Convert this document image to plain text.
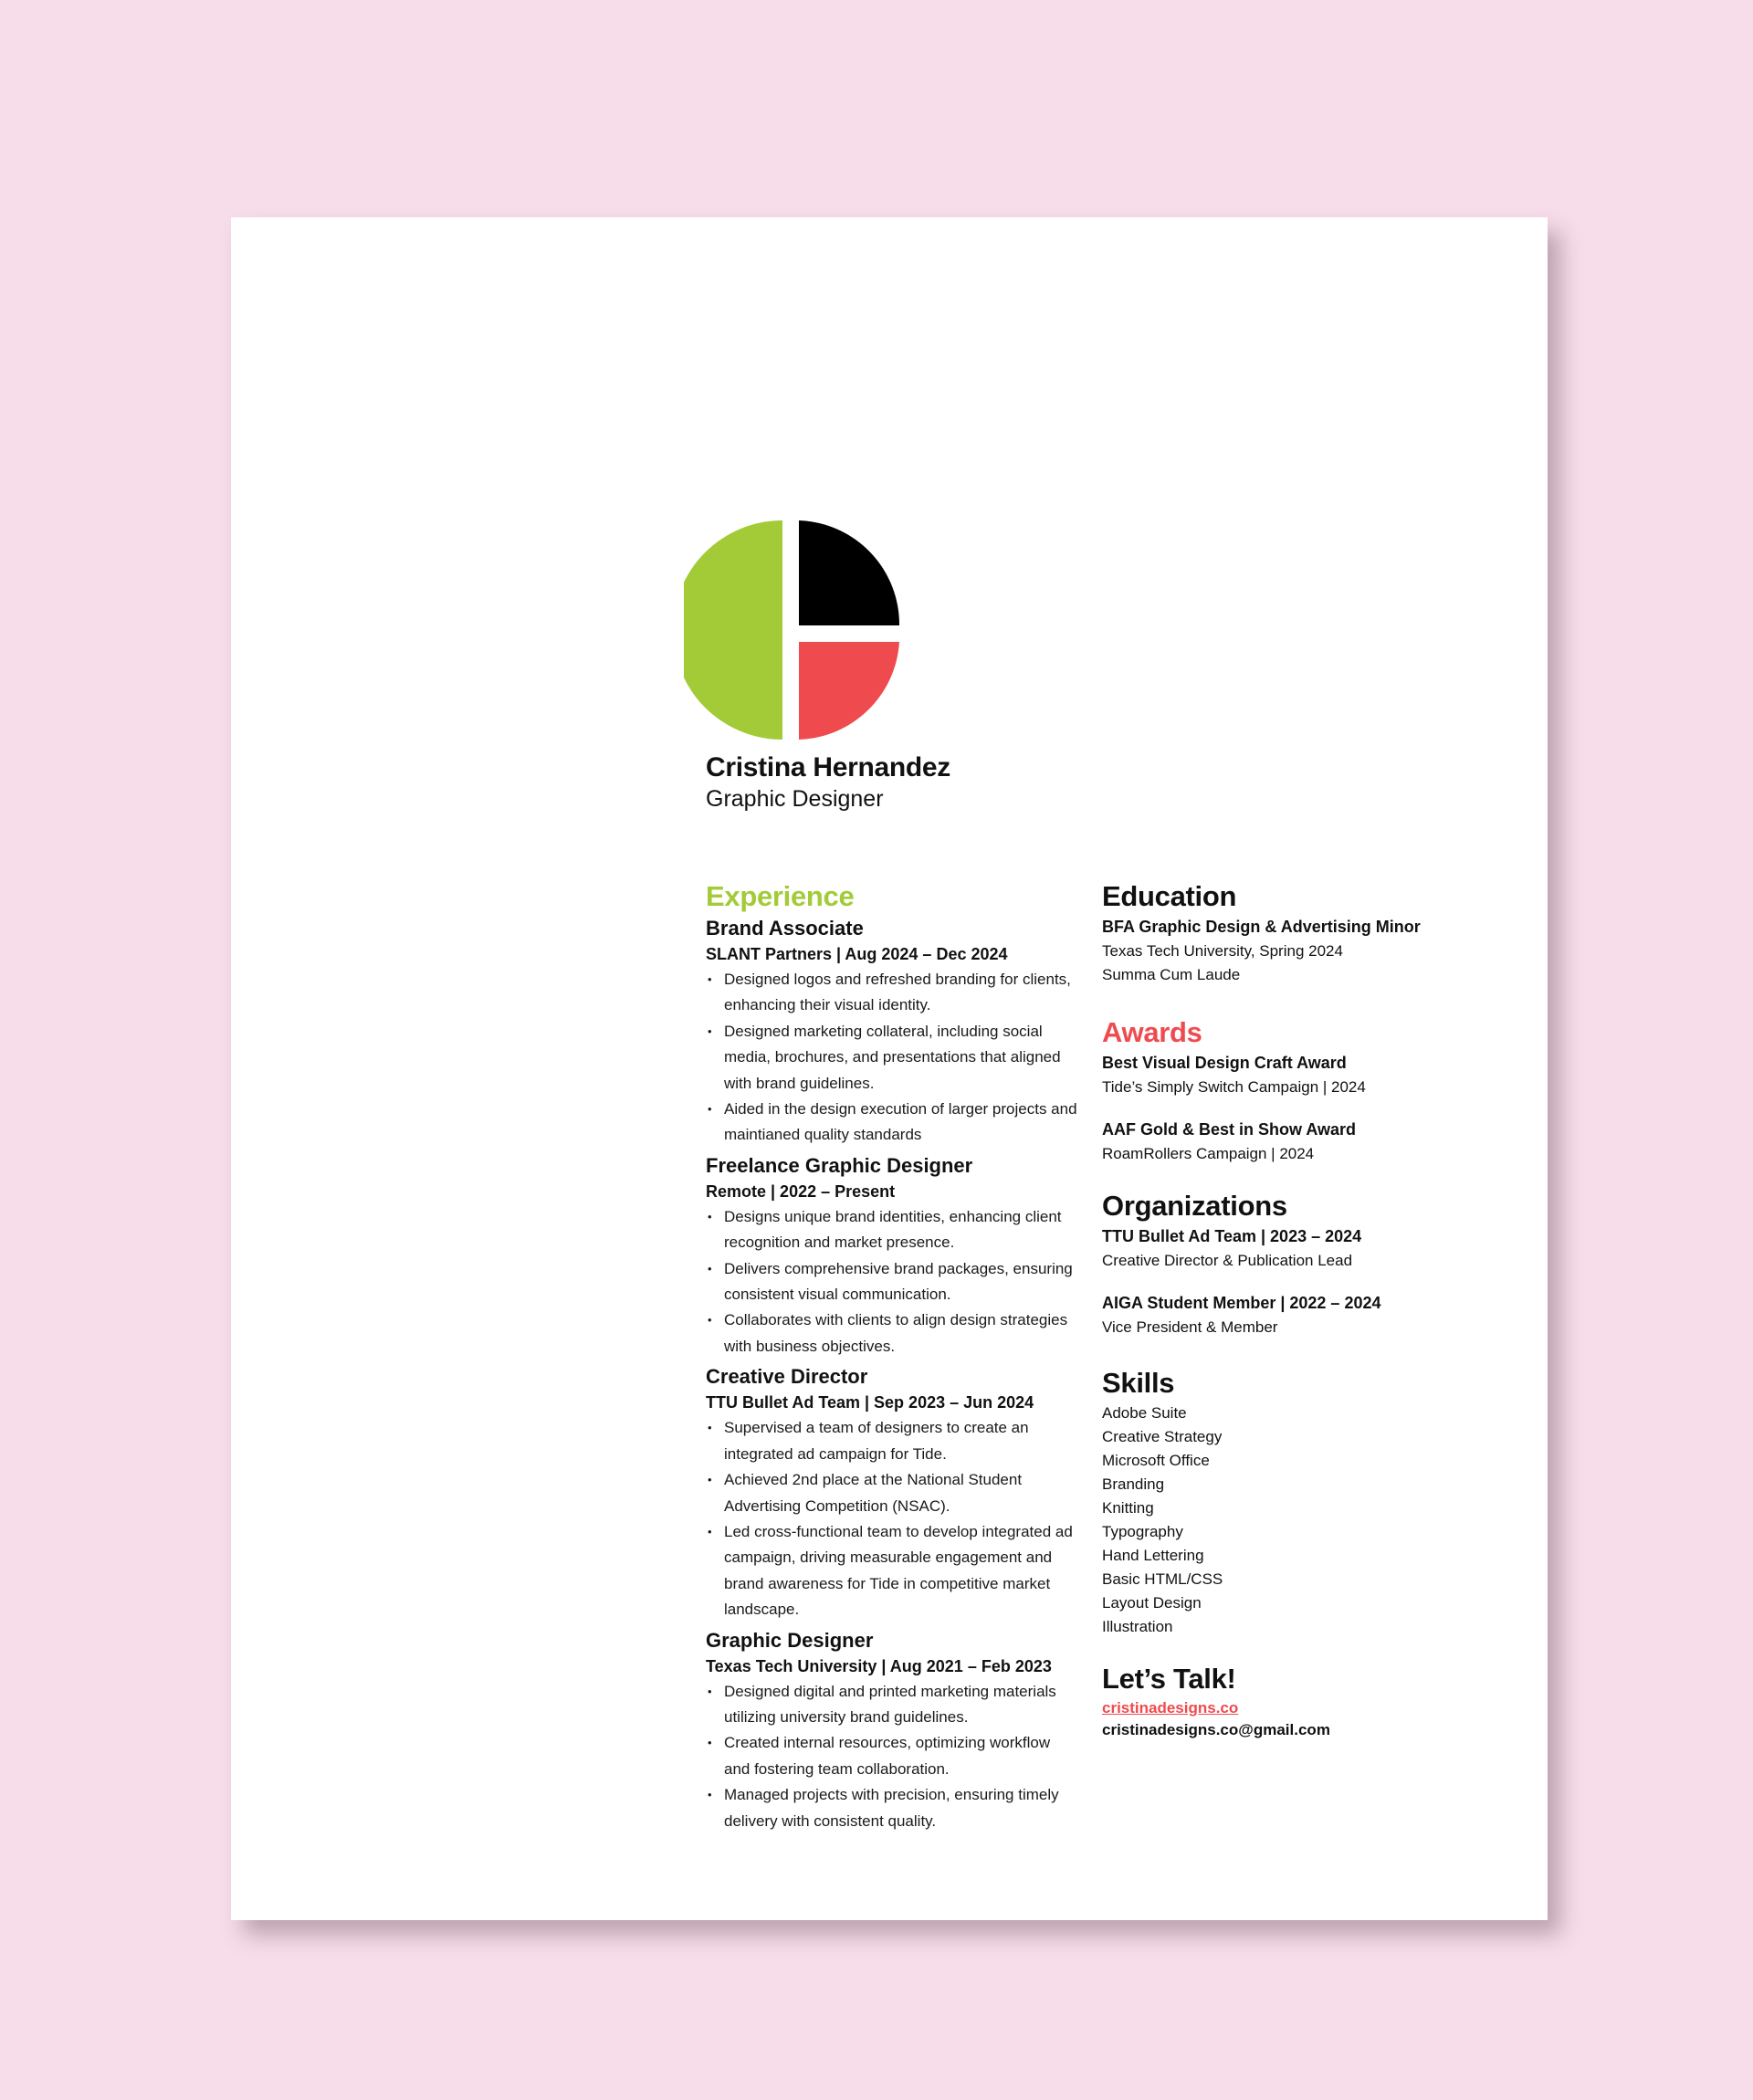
Cristina Hernandez
Graphic Designer
Experience
Brand Associate
SLANT Partners | Aug 2024 – Dec 2024
• Designed logos and refreshed branding for clients, enhancing their visual identity.
• Designed marketing collateral, including social media, brochures, and presentations that aligned with brand guidelines.
• Aided in the design execution of larger projects and maintianed quality standards
Freelance Graphic Designer
Remote | 2022 – Present
• Designs unique brand identities, enhancing client recognition and market presence.
• Delivers comprehensive brand packages, ensuring consistent visual communication.
• Collaborates with clients to align design strategies with business objectives.
Creative Director
TTU Bullet Ad Team | Sep 2023 – Jun 2024
• Supervised a team of designers to create an integrated ad campaign for Tide.
• Achieved 2nd place at the National Student Advertising Competition (NSAC).
• Led cross-functional team to develop integrated ad campaign, driving measurable engagement and brand awareness for Tide in competitive market landscape.
Graphic Designer
Texas Tech University | Aug 2021 – Feb 2023
• Designed digital and printed marketing materials utilizing university brand guidelines.
• Created internal resources, optimizing workflow and fostering team collaboration.
• Managed projects with precision, ensuring timely delivery with consistent quality.
Education
BFA Graphic Design & Advertising Minor
Texas Tech University, Spring 2024
Summa Cum Laude
Awards
Best Visual Design Craft Award
Tide’s Simply Switch Campaign | 2024
AAF Gold & Best in Show Award
RoamRollers Campaign | 2024
Organizations
TTU Bullet Ad Team | 2023 – 2024
Creative Director & Publication Lead
AIGA Student Member | 2022 – 2024
Vice President & Member
Skills
Adobe Suite
Creative Strategy
Microsoft Office
Branding
Knitting
Typography
Hand Lettering
Basic HTML/CSS
Layout Design
Illustration
Let’s Talk!
cristinadesigns.co
cristinadesigns.co@gmail.com
